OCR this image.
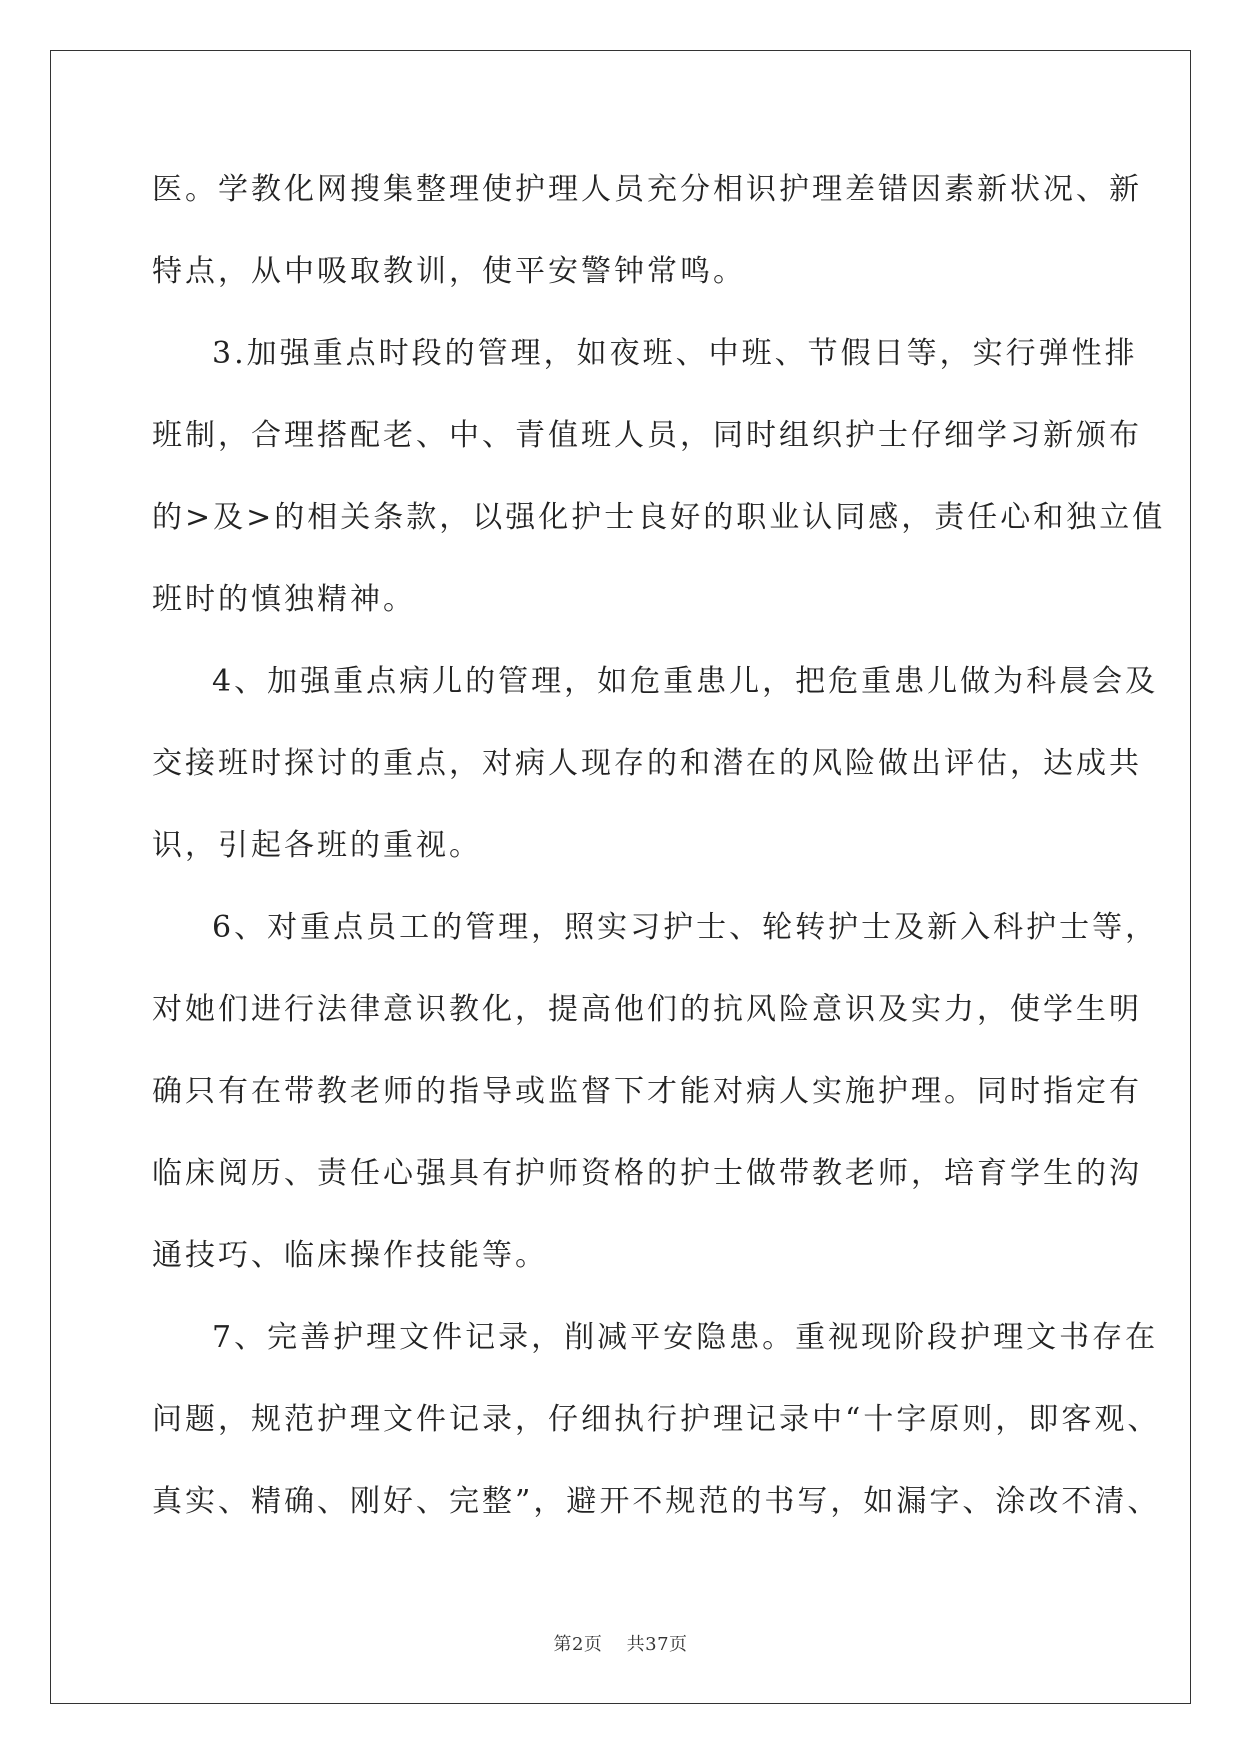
医。学教化网搜集整理使护理人员充分相识护理差错因素新状况、新
特点，从中吸取教训，使平安警钟常鸣。
3.加强重点时段的管理，如夜班、中班、节假日等，实行弹性排
班制，合理搭配老、中、青值班人员，同时组织护士仔细学习新颁布
的>及>的相关条款，以强化护士良好的职业认同感，责任心和独立值
班时的慎独精神。
4、加强重点病儿的管理，如危重患儿，把危重患儿做为科晨会及
交接班时探讨的重点，对病人现存的和潜在的风险做出评估，达成共
识，引起各班的重视。
6、对重点员工的管理，照实习护士、轮转护士及新入科护士等，
对她们进行法律意识教化，提高他们的抗风险意识及实力，使学生明
确只有在带教老师的指导或监督下才能对病人实施护理。同时指定有
临床阅历、责任心强具有护师资格的护士做带教老师，培育学生的沟
通技巧、临床操作技能等。
7、完善护理文件记录，削减平安隐患。重视现阶段护理文书存在
问题，规范护理文件记录，仔细执行护理记录中“十字原则，即客观、
真实、精确、刚好、完整”，避开不规范的书写，如漏字、涂改不清、
第2页 共37页
